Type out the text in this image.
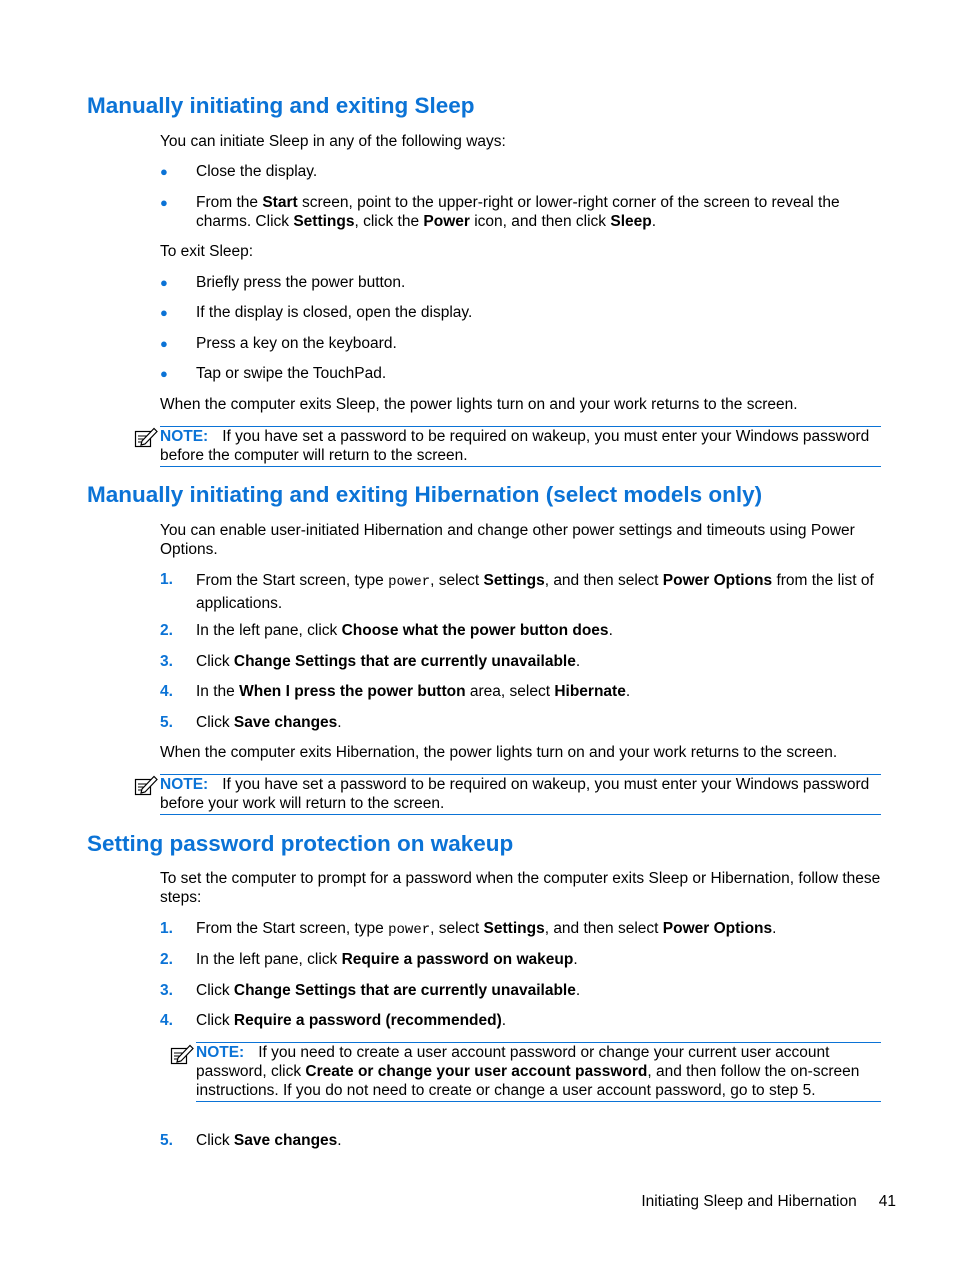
Manually initiating and exiting Sleep

You can initiate Sleep in any of the following ways:

● Close the display.
● From the Start screen, point to the upper-right or lower-right corner of the screen to reveal the charms. Click Settings, click the Power icon, and then click Sleep.

To exit Sleep:

● Briefly press the power button.
● If the display is closed, open the display.
● Press a key on the keyboard.
● Tap or swipe the TouchPad.

When the computer exits Sleep, the power lights turn on and your work returns to the screen.

NOTE: If you have set a password to be required on wakeup, you must enter your Windows password before the computer will return to the screen.
Manually initiating and exiting Hibernation (select models only)

You can enable user-initiated Hibernation and change other power settings and timeouts using Power Options.

1. From the Start screen, type power, select Settings, and then select Power Options from the list of applications.
2. In the left pane, click Choose what the power button does.
3. Click Change Settings that are currently unavailable.
4. In the When I press the power button area, select Hibernate.
5. Click Save changes.

When the computer exits Hibernation, the power lights turn on and your work returns to the screen.

NOTE: If you have set a password to be required on wakeup, you must enter your Windows password before your work will return to the screen.
Setting password protection on wakeup

To set the computer to prompt for a password when the computer exits Sleep or Hibernation, follow these steps:

1. From the Start screen, type power, select Settings, and then select Power Options.
2. In the left pane, click Require a password on wakeup.
3. Click Change Settings that are currently unavailable.
4. Click Require a password (recommended).
NOTE: If you need to create a user account password or change your current user account password, click Create or change your user account password, and then follow the on-screen instructions. If you do not need to create or change a user account password, go to step 5.
5. Click Save changes.
Initiating Sleep and Hibernation 41
